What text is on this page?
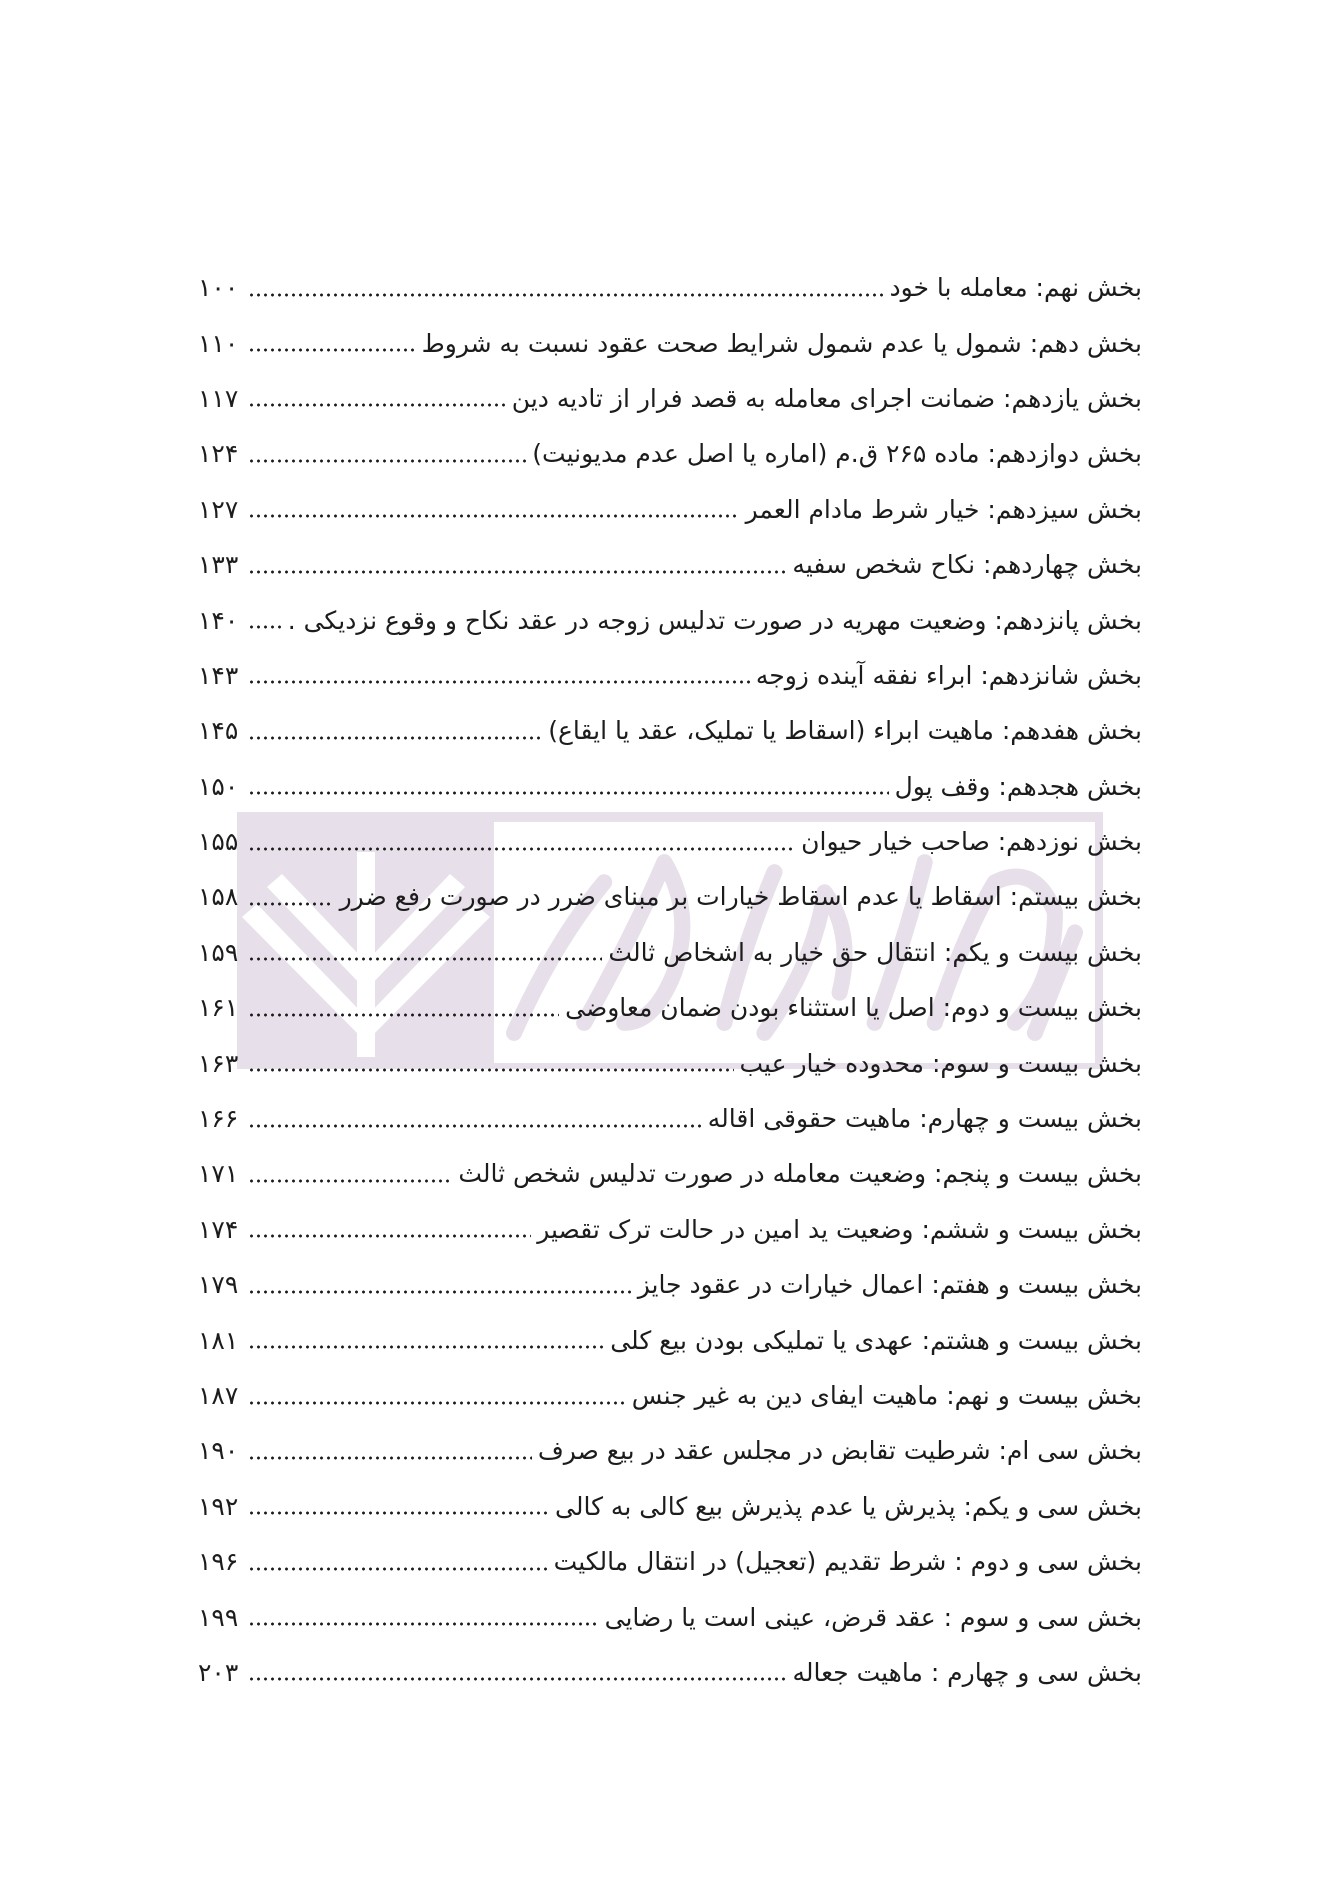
بخش نهم: معامله با خود
۱۰۰
بخش دهم: شمول یا عدم شمول شرایط صحت عقود نسبت به شروط
۱۱۰
بخش یازدهم: ضمانت اجرای معامله به قصد فرار از تادیه دین
۱۱۷
بخش دوازدهم: ماده ۲۶۵ ق.م (اماره یا اصل عدم مدیونیت)
۱۲۴
بخش سیزدهم: خیار شرط مادام العمر
۱۲۷
بخش چهاردهم: نکاح شخص سفیه
۱۳۳
بخش پانزدهم: وضعیت مهریه در صورت تدلیس زوجه در عقد نکاح و وقوع نزدیکی .
۱۴۰
بخش شانزدهم: ابراء نفقه آینده زوجه
۱۴۳
بخش هفدهم: ماهیت ابراء (اسقاط یا تملیک، عقد یا ایقاع)
۱۴۵
بخش هجدهم: وقف پول
۱۵۰
بخش نوزدهم: صاحب خیار حیوان
۱۵۵
بخش بیستم: اسقاط یا عدم اسقاط خیارات بر مبنای ضرر در صورت رفع ضرر
۱۵۸
بخش بیست و یکم: انتقال حق خیار به اشخاص ثالث
۱۵۹
بخش بیست و دوم: اصل یا استثناء بودن ضمان معاوضی
۱۶۱
بخش بیست و سوم: محدوده خیار عیب
۱۶۳
بخش بیست و چهارم: ماهیت حقوقی اقاله
۱۶۶
بخش بیست و پنجم: وضعیت معامله در صورت تدلیس شخص ثالث
۱۷۱
بخش بیست و ششم: وضعیت ید امین در حالت ترک تقصیر
۱۷۴
بخش بیست و هفتم: اعمال خیارات در عقود جایز
۱۷۹
بخش بیست و هشتم: عهدی یا تملیکی بودن بیع کلی
۱۸۱
بخش بیست و نهم: ماهیت ایفای دین به غیر جنس
۱۸۷
بخش سی ام: شرطیت تقابض در مجلس عقد در بیع صرف
۱۹۰
بخش سی و یکم: پذیرش یا عدم پذیرش بیع کالی به کالی
۱۹۲
بخش سی و دوم : شرط تقدیم (تعجیل) در انتقال مالکیت
۱۹۶
بخش سی و سوم : عقد قرض، عینی است یا رضایی
۱۹۹
بخش سی و چهارم : ماهیت جعاله
۲۰۳
